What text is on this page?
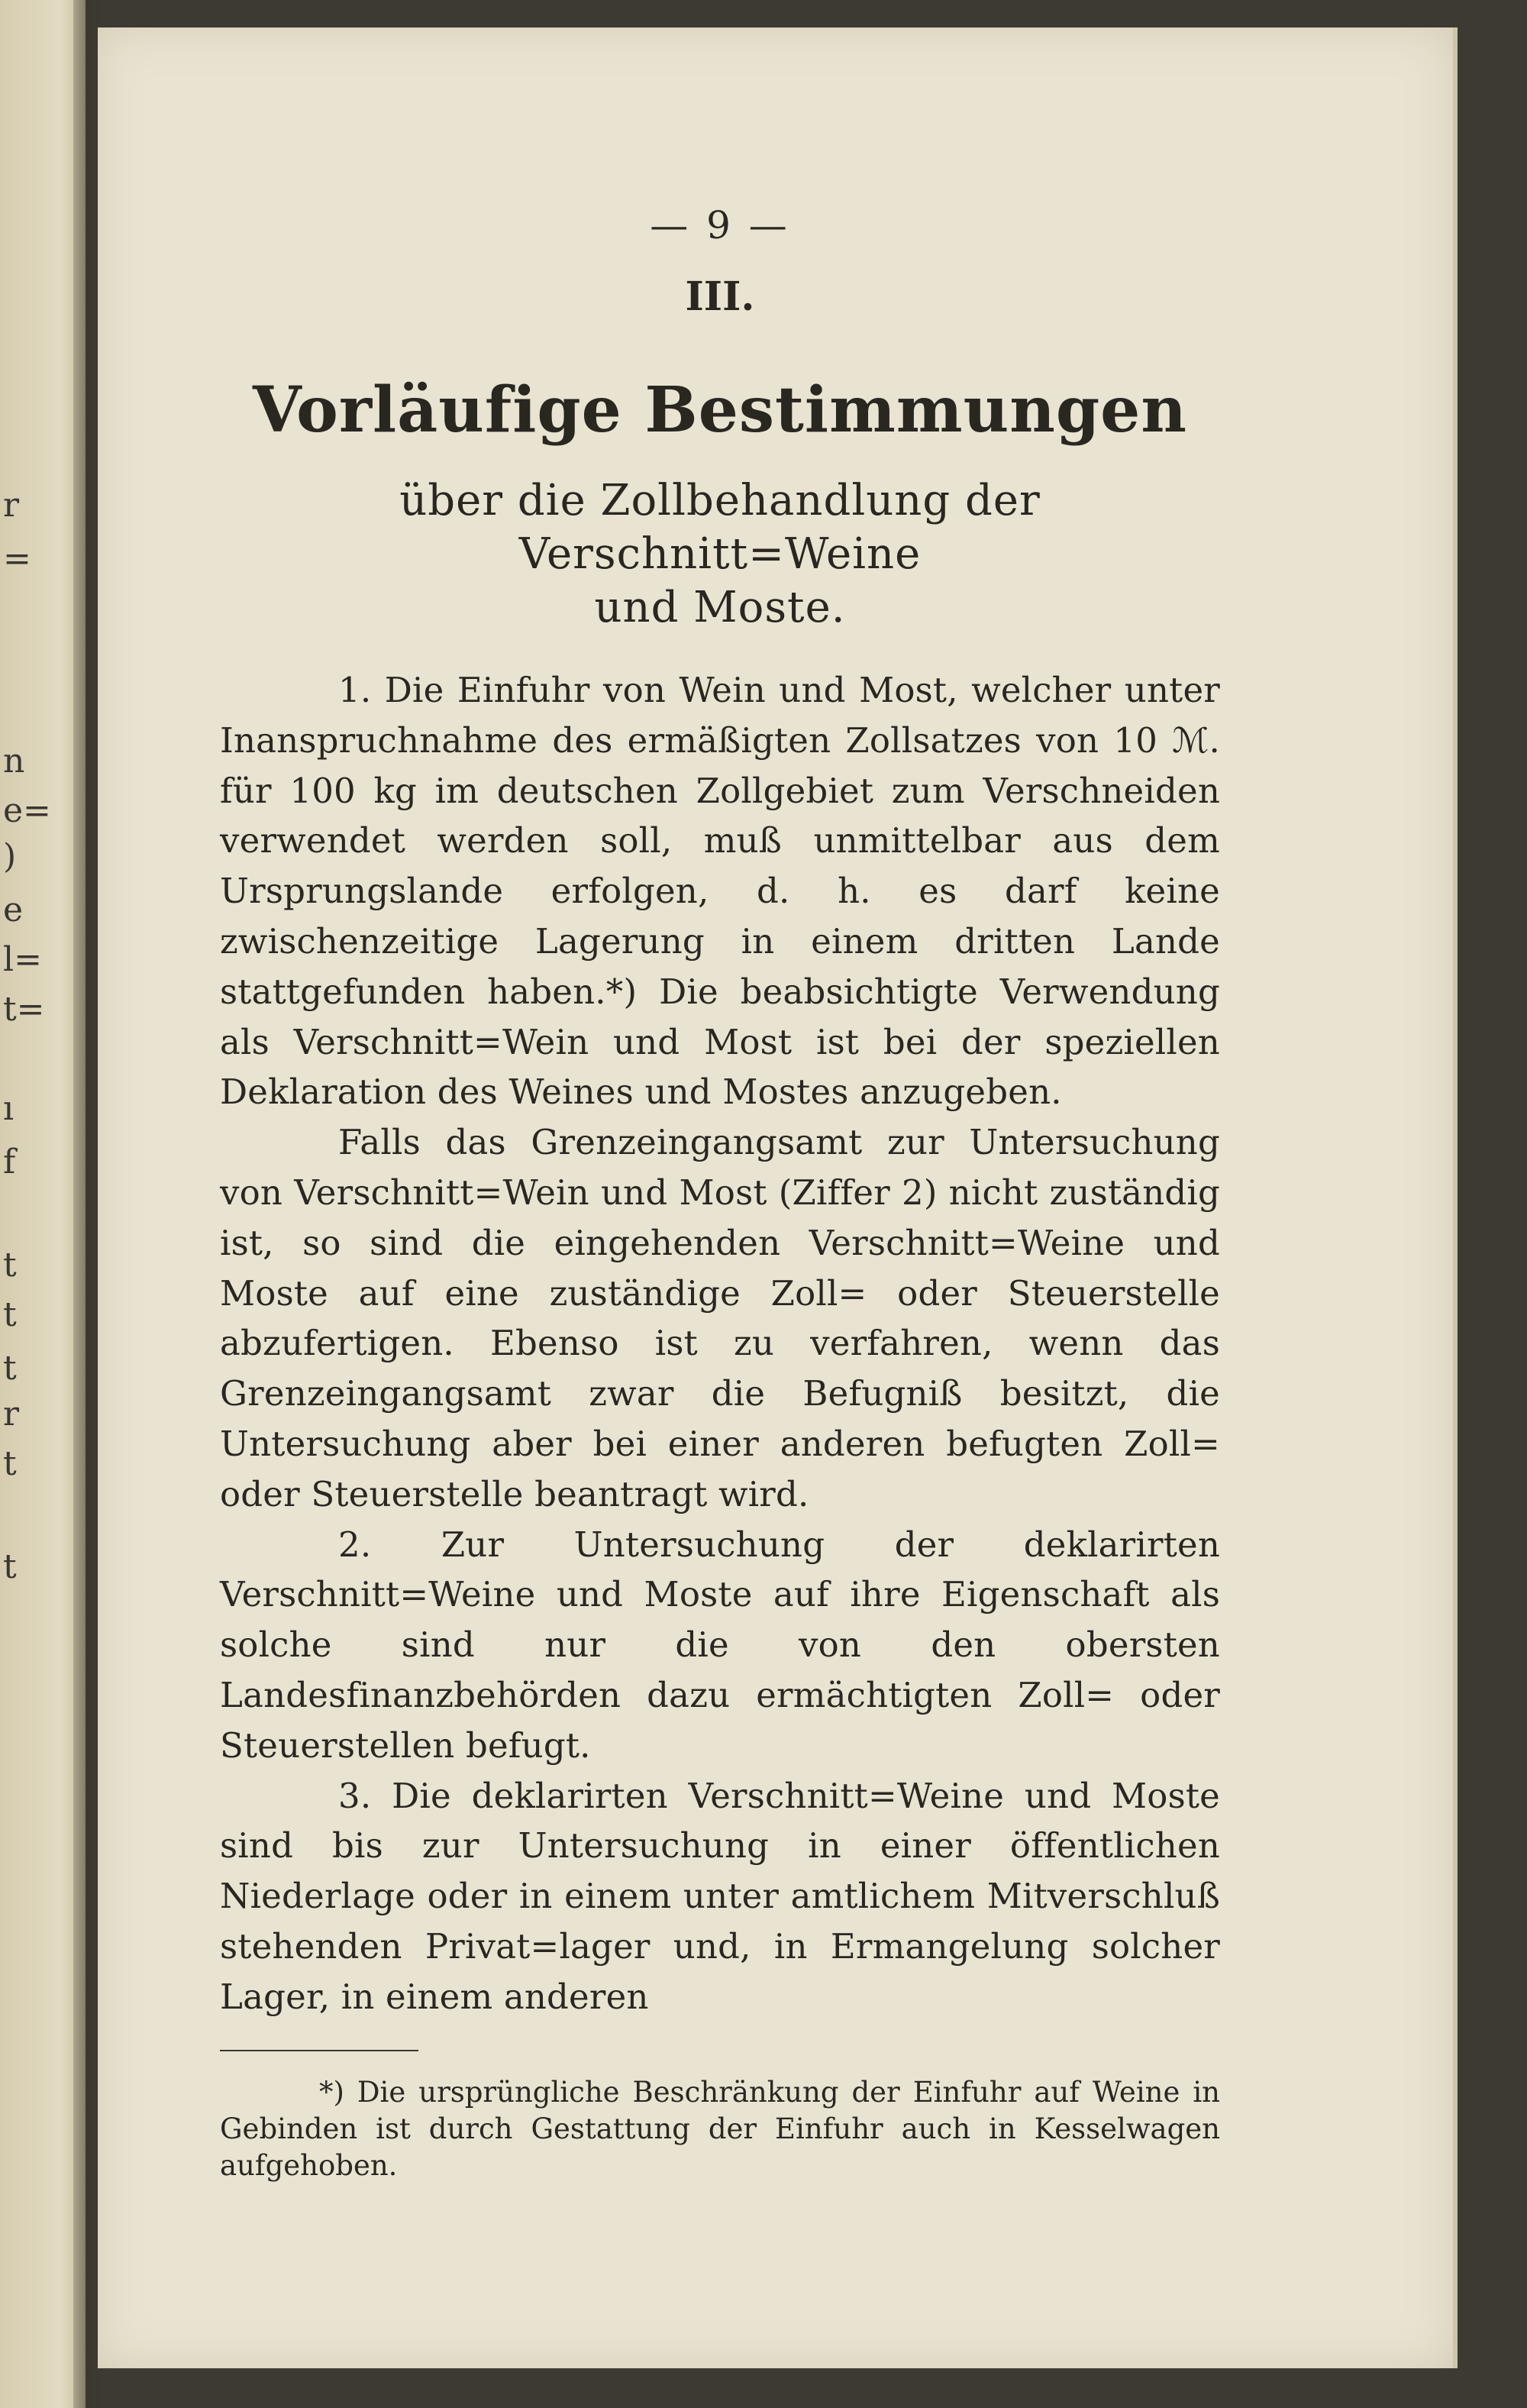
r
=
n
e=
)
e
l=
t=
ı
f
t
t
t
r
t
t
— 9 —
III.
Vorläufige Bestimmungen
über die Zollbehandlung der Verschnitt=Weine
und Moste.

1. Die Einfuhr von Wein und Most, welcher unter Inanspruchnahme des ermäßigten Zollsatzes von 10 ℳ. für 100 kg im deutschen Zollgebiet zum Verschneiden verwendet werden soll, muß unmittelbar aus dem Ursprungslande erfolgen, d. h. es darf keine zwischenzeitige Lagerung in einem dritten Lande stattgefunden haben.*) Die beabsichtigte Verwendung als Verschnitt=Wein und Most ist bei der speziellen Deklaration des Weines und Mostes anzugeben.

Falls das Grenzeingangsamt zur Untersuchung von Verschnitt=Wein und Most (Ziffer 2) nicht zuständig ist, so sind die eingehenden Verschnitt=Weine und Moste auf eine zuständige Zoll= oder Steuerstelle abzufertigen. Ebenso ist zu verfahren, wenn das Grenzeingangsamt zwar die Befugniß besitzt, die Untersuchung aber bei einer anderen befugten Zoll= oder Steuerstelle beantragt wird.

2. Zur Untersuchung der deklarirten Verschnitt=Weine und Moste auf ihre Eigenschaft als solche sind nur die von den obersten Landesfinanzbehörden dazu ermächtigten Zoll= oder Steuerstellen befugt.

3. Die deklarirten Verschnitt=Weine und Moste sind bis zur Untersuchung in einer öffentlichen Niederlage oder in einem unter amtlichem Mitverschluß stehenden Privat=lager und, in Ermangelung solcher Lager, in einem anderen

*) Die ursprüngliche Beschränkung der Einfuhr auf Weine in Gebinden ist durch Gestattung der Einfuhr auch in Kesselwagen aufgehoben.
